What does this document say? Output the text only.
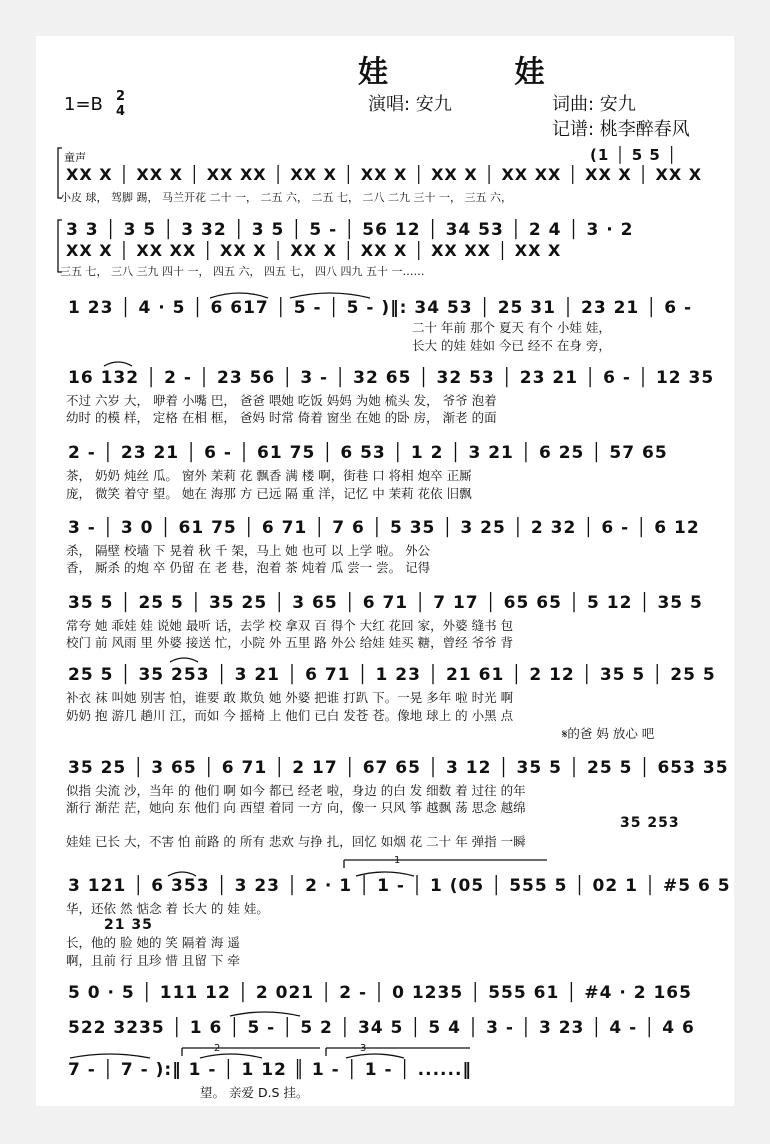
娃 娃
1=B 2
4	演唱: 安九	词曲: 安九
记谱: 桃李醉春风
童声	(1 │ 5 5 │
XX X │ XX X │ XX XX │ XX X │ XX X │ XX X │ XX XX │ XX X │ XX X
小皮 球， 驾脚 踢， 马兰开花 二十 一， 二五 六， 二五 七， 二八 二九 三十 一， 三五 六，
3 3 │ 3 5 │ 3 32 │ 3 5 │ 5 - │ 56 12 │ 34 53 │ 2 4 │ 3 · 2
XX X │ XX XX │ XX X │ XX X │ XX X │ XX XX │ XX X
三五 七， 三八 三九 四十 一， 四五 六， 四五 七， 四八 四九 五十 一……
1 23 │ 4 · 5 │ 6 617 │ 5 - │ 5 - )‖: 34 53 │ 25 31 │ 23 21 │ 6 -
二十 年前 那个 夏天 有个 小娃 娃，
长大 的娃 娃如 今已 经不 在身 旁，
16 132 │ 2 - │ 23 56 │ 3 - │ 32 65 │ 32 53 │ 23 21 │ 6 - │ 12 35
不过 六岁 大， 咿着 小嘴 巴， 爸爸 喂她 吃饭 妈妈 为她 梳头 发， 爷爷 泡着
幼时 的模 样， 定格 在相 框， 爸妈 时常 倚着 窗坐 在她 的卧 房， 渐老 的面
2 - │ 23 21 │ 6 - │ 61 75 │ 6 53 │ 1 2 │ 3 21 │ 6 25 │ 57 65
茶， 奶奶 炖丝 瓜。 窗外 茉莉 花 飘香 满 楼 啊，街巷 口 将相 炮卒 正厮
庞， 微笑 着守 望。 她在 海那 方 已远 隔 重 洋，记忆 中 茉莉 花依 旧飘
3 - │ 3 0 │ 61 75 │ 6 71 │ 7 6 │ 5 35 │ 3 25 │ 2 32 │ 6 - │ 6 12
杀， 隔壁 校墙 下 晃着 秋 千 架，马上 她 也可 以 上学 啦。 外公
香， 厮杀 的炮 卒 仍留 在 老 巷，泡着 茶 炖着 瓜 尝一 尝。 记得
35 5 │ 25 5 │ 35 25 │ 3 65 │ 6 71 │ 7 17 │ 65 65 │ 5 12 │ 35 5
常夸 她 乖娃 娃 说她 最听 话，去学 校 拿双 百 得个 大红 花回 家，外婆 缝书 包
校门 前 风雨 里 外婆 接送 忙，小院 外 五里 路 外公 给娃 娃买 糖，曾经 爷爷 背
25 5 │ 35 253 │ 3 21 │ 6 71 │ 1 23 │ 21 61 │ 2 12 │ 35 5 │ 25 5
补衣 袜 叫她 别害 怕，谁要 敢 欺负 她 外婆 把谁 打趴 下。一晃 多年 啦 时光 啊
奶奶 抱 游几 趟川 江，而如 今 摇椅 上 他们 已白 发苍 苍。像地 球上 的 小黑 点
𝄋的爸 妈 放心 吧
35 25 │ 3 65 │ 6 71 │ 2 17 │ 67 65 │ 3 12 │ 35 5 │ 25 5 │ 653 35
似指 尖流 沙，当年 的 他们 啊 如今 都已 经老 啦，身边 的白 发 细数 着 过往 的年
渐行 渐茫 茫，她向 东 他们 向 西望 着同 一方 向，像一 只风 筝 越飘 荡 思念 越绵
35 253
娃娃 已长 大，不害 怕 前路 的 所有 悲欢 与挣 扎，回忆 如烟 花 二十 年 弹指 一瞬
3 121 │ 6 353 │ 3 23 │ 2 · 1 │ 1 - │ 1 (05 │ 555 5 │ 02 1 │ #5 6 5
1
华，还依 然 惦念 着 长大 的 娃 娃。
21 35
长，他的 脸 她的 笑 隔着 海 遥
啊，且前 行 且珍 惜 且留 下 牵
5 0 · 5 │ 111 12 │ 2 021 │ 2 - │ 0 1235 │ 555 61 │ #4 · 2 165
522 3235 │ 1 6 │ 5 - │ 5 2 │ 34 5 │ 5 4 │ 3 - │ 3 23 │ 4 - │ 4 6
7 - │ 7 - ):‖ 1 - │ 1 12 ║ 1 - │ 1 - │ ......‖
2	3
望。 亲爱 D.S 挂。
